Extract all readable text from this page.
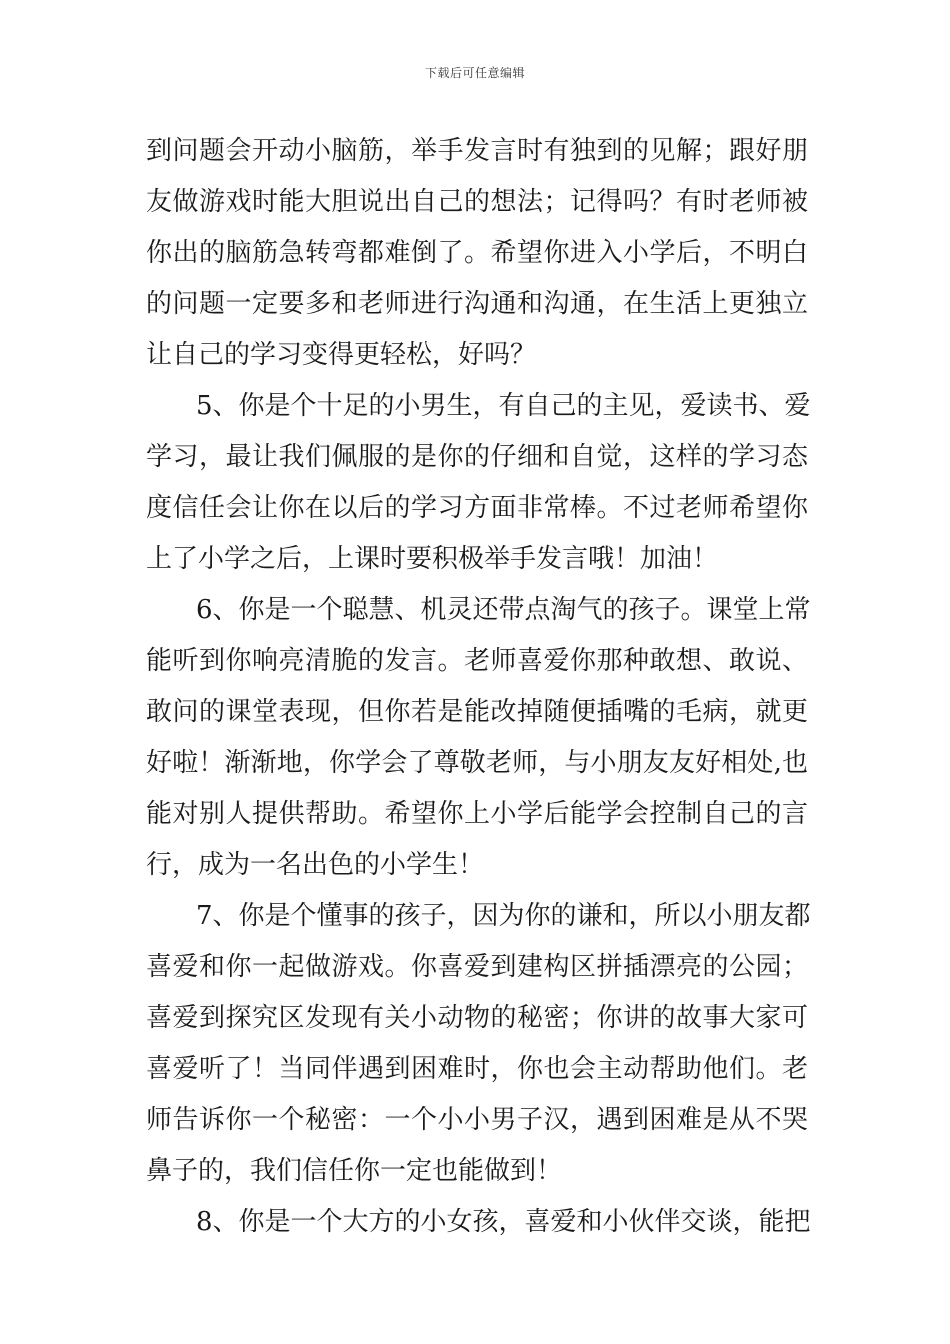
下载后可任意编辑
到问题会开动小脑筋，举手发言时有独到的见解；跟好朋
友做游戏时能大胆说出自己的想法；记得吗？有时老师被
你出的脑筋急转弯都难倒了。希望你进入小学后，不明白
的问题一定要多和老师进行沟通和沟通，在生活上更独立
让自己的学习变得更轻松，好吗？
5、你是个十足的小男生，有自己的主见，爱读书、爱
学习，最让我们佩服的是你的仔细和自觉，这样的学习态
度信任会让你在以后的学习方面非常棒。不过老师希望你
上了小学之后，上课时要积极举手发言哦！加油！
6、你是一个聪慧、机灵还带点淘气的孩子。课堂上常
能听到你响亮清脆的发言。老师喜爱你那种敢想、敢说、
敢问的课堂表现，但你若是能改掉随便插嘴的毛病，就更
好啦！渐渐地，你学会了尊敬老师，与小朋友友好相处,也
能对别人提供帮助。希望你上小学后能学会控制自己的言
行，成为一名出色的小学生！
7、你是个懂事的孩子，因为你的谦和，所以小朋友都
喜爱和你一起做游戏。你喜爱到建构区拼插漂亮的公园；
喜爱到探究区发现有关小动物的秘密；你讲的故事大家可
喜爱听了！当同伴遇到困难时，你也会主动帮助他们。老
师告诉你一个秘密：一个小小男子汉，遇到困难是从不哭
鼻子的，我们信任你一定也能做到！
8、你是一个大方的小女孩，喜爱和小伙伴交谈，能把
